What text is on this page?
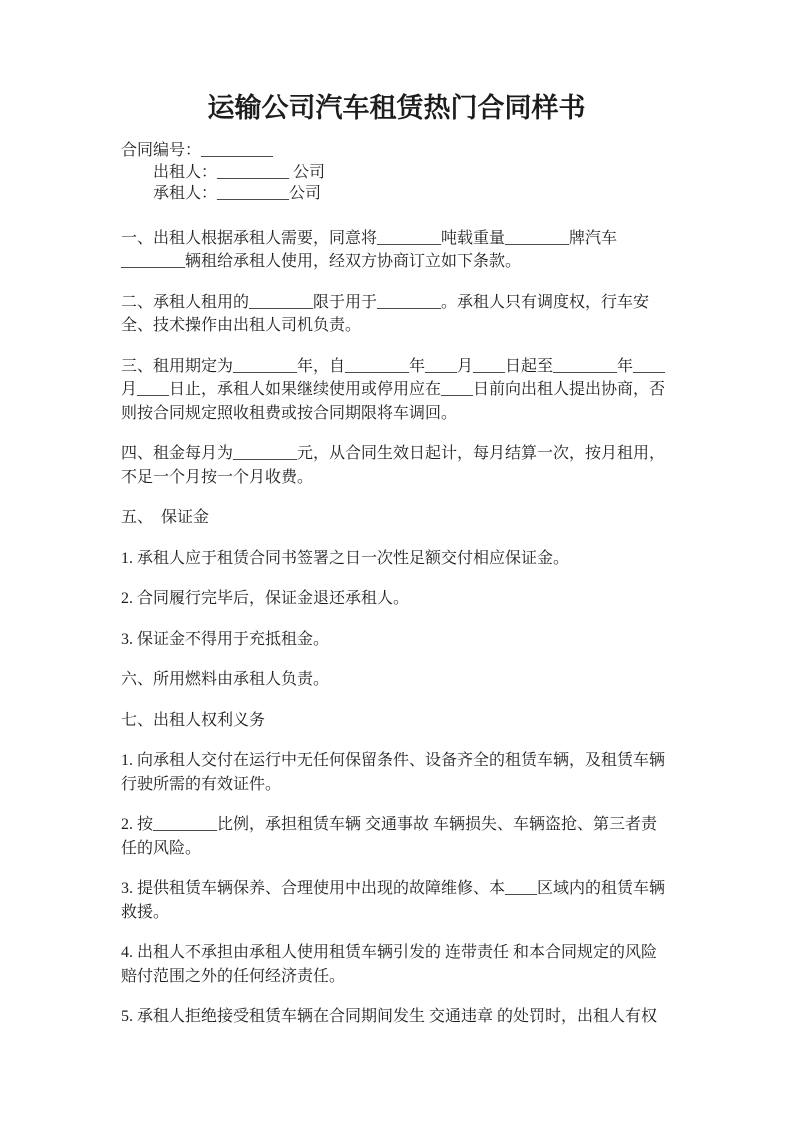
运输公司汽车租赁热门合同样书

合同编号：_________

出租人：_________ 公司

承租人：_________公司

一、出租人根据承租人需要，同意将________吨载重量________牌汽车________辆租给承租人使用，经双方协商订立如下条款。

二、承租人租用的________限于用于________。承租人只有调度权，行车安全、技术操作由出租人司机负责。

三、租用期定为________年，自________年____月____日起至________年____月____日止，承租人如果继续使用或停用应在____日前向出租人提出协商，否则按合同规定照收租费或按合同期限将车调回。

四、租金每月为________元，从合同生效日起计，每月结算一次，按月租用，不足一个月按一个月收费。

五、　保证金

1. 承租人应于租赁合同书签署之日一次性足额交付相应保证金。

2. 合同履行完毕后，保证金退还承租人。

3. 保证金不得用于充抵租金。

六、所用燃料由承租人负责。

七、出租人权利义务

1. 向承租人交付在运行中无任何保留条件、设备齐全的租赁车辆，及租赁车辆行驶所需的有效证件。

2. 按________比例，承担租赁车辆 交通事故 车辆损失、车辆盗抢、第三者责任的风险。

3. 提供租赁车辆保养、合理使用中出现的故障维修、本____区域内的租赁车辆救援。

4. 出租人不承担由承租人使用租赁车辆引发的 连带责任 和本合同规定的风险赔付范围之外的任何经济责任。

5. 承租人拒绝接受租赁车辆在合同期间发生 交通违章 的处罚时，出租人有权
